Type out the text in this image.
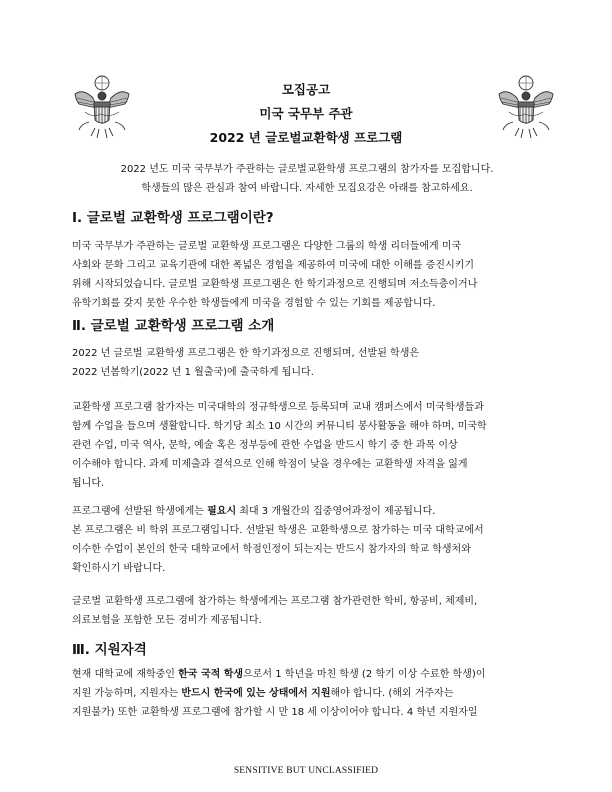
모집공고
미국 국무부 주관
2022 년 글로벌교환학생 프로그램
2022 년도 미국 국무부가 주관하는 글로벌교환학생 프로그램의 참가자를 모집합니다.
학생들의 많은 관심과 참여 바랍니다. 자세한 모집요강은 아래를 참고하세요.
Ⅰ. 글로벌 교환학생 프로그램이란?
미국 국무부가 주관하는 글로벌 교환학생 프로그램은 다양한 그룹의 학생 리더들에게 미국
사회와 문화 그리고 교육기관에 대한 폭넓은 경험을 제공하여 미국에 대한 이해를 증진시키기
위해 시작되었습니다. 글로벌 교환학생 프로그램은 한 학기과정으로 진행되며 저소득층이거나
유학기회를 갖지 못한 우수한 학생들에게 미국을 경험할 수 있는 기회를 제공합니다.
Ⅱ. 글로벌 교환학생 프로그램 소개
2022 년 글로벌 교환학생 프로그램은 한 학기과정으로 진행되며, 선발된 학생은
2022 년봄학기(2022 년 1 월출국)에 출국하게 됩니다.
교환학생 프로그램 참가자는 미국대학의 정규학생으로 등록되며 교내 캠퍼스에서 미국학생들과
함께 수업을 들으며 생활합니다. 학기당 최소 10 시간의 커뮤니티 봉사활동을 해야 하며, 미국학
관련 수업, 미국 역사, 문학, 예술 혹은 정부등에 관한 수업을 반드시 학기 중 한 과목 이상
이수해야 합니다. 과제 미제출과 결석으로 인해 학점이 낮을 경우에는 교환학생 자격을 잃게
됩니다.
프로그램에 선발된 학생에게는 필요시 최대 3 개월간의 집중영어과정이 제공됩니다.
본 프로그램은 비 학위 프로그램입니다. 선발된 학생은 교환학생으로 참가하는 미국 대학교에서
이수한 수업이 본인의 한국 대학교에서 학점인정이 되는지는 반드시 참가자의 학교 학생처와
확인하시기 바랍니다.
글로벌 교환학생 프로그램에 참가하는 학생에게는 프로그램 참가관련한 학비, 항공비, 체제비,
의료보험을 포함한 모든 경비가 제공됩니다.
Ⅲ. 지원자격
현재 대학교에 재학중인 한국 국적 학생으로서 1 학년을 마친 학생 (2 학기 이상 수료한 학생)이
지원 가능하며, 지원자는 반드시 한국에 있는 상태에서 지원해야 합니다. (해외 거주자는
지원불가) 또한 교환학생 프로그램에 참가할 시 만 18 세 이상이어야 합니다. 4 학년 지원자일
SENSITIVE BUT UNCLASSIFIED
